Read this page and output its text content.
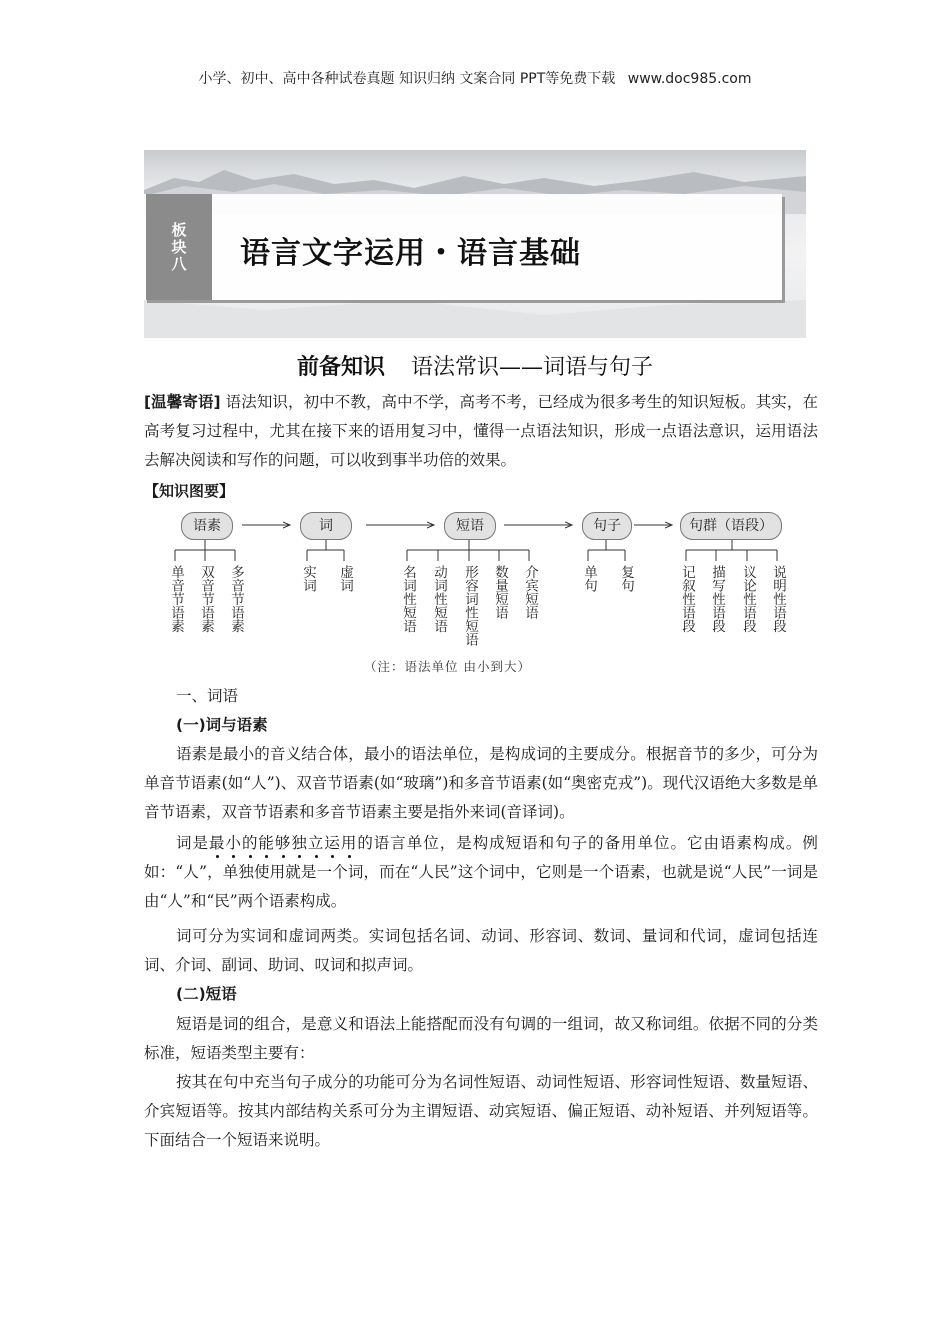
小学、初中、高中各种试卷真题 知识归纳 文案合同 PPT等免费下载 www.doc985.com
板块八	语言文字运用・语言基础
前备知识 语法常识——词语与句子
[温馨寄语] 语法知识，初中不教，高中不学，高考不考，已经成为很多考生的知识短板。其实，在高考复习过程中，尤其在接下来的语用复习中，懂得一点语法知识，形成一点语法意识，运用语法去解决阅读和写作的问题，可以收到事半功倍的效果。
【知识图要】
语素	词	短语	句子	句群（语段）
单音节语素 双音节语素 多音节语素	实词 虚词	名词性短语 动词性短语 形容词性短语 数量短语 介宾短语	单句 复句	记叙性语段 描写性语段 议论性语段 说明性语段
（注：语法单位 由小到大）
一、词语
(一)词与语素
语素是最小的音义结合体，最小的语法单位，是构成词的主要成分。根据音节的多少，可分为单音节语素(如“人”)、双音节语素(如“玻璃”)和多音节语素(如“奥密克戎”)。现代汉语绝大多数是单音节语素，双音节语素和多音节语素主要是指外来词(音译词)。
词是最小的能够独立运用的语言单位，是构成短语和句子的备用单位。它由语素构成。例如：“人”，单独使用就是一个词，而在“人民”这个词中，它则是一个语素，也就是说“人民”一词是由“人”和“民”两个语素构成。
词可分为实词和虚词两类。实词包括名词、动词、形容词、数词、量词和代词，虚词包括连词、介词、副词、助词、叹词和拟声词。
(二)短语
短语是词的组合，是意义和语法上能搭配而没有句调的一组词，故又称词组。依据不同的分类标准，短语类型主要有：
按其在句中充当句子成分的功能可分为名词性短语、动词性短语、形容词性短语、数量短语、介宾短语等。按其内部结构关系可分为主谓短语、动宾短语、偏正短语、动补短语、并列短语等。下面结合一个短语来说明。
